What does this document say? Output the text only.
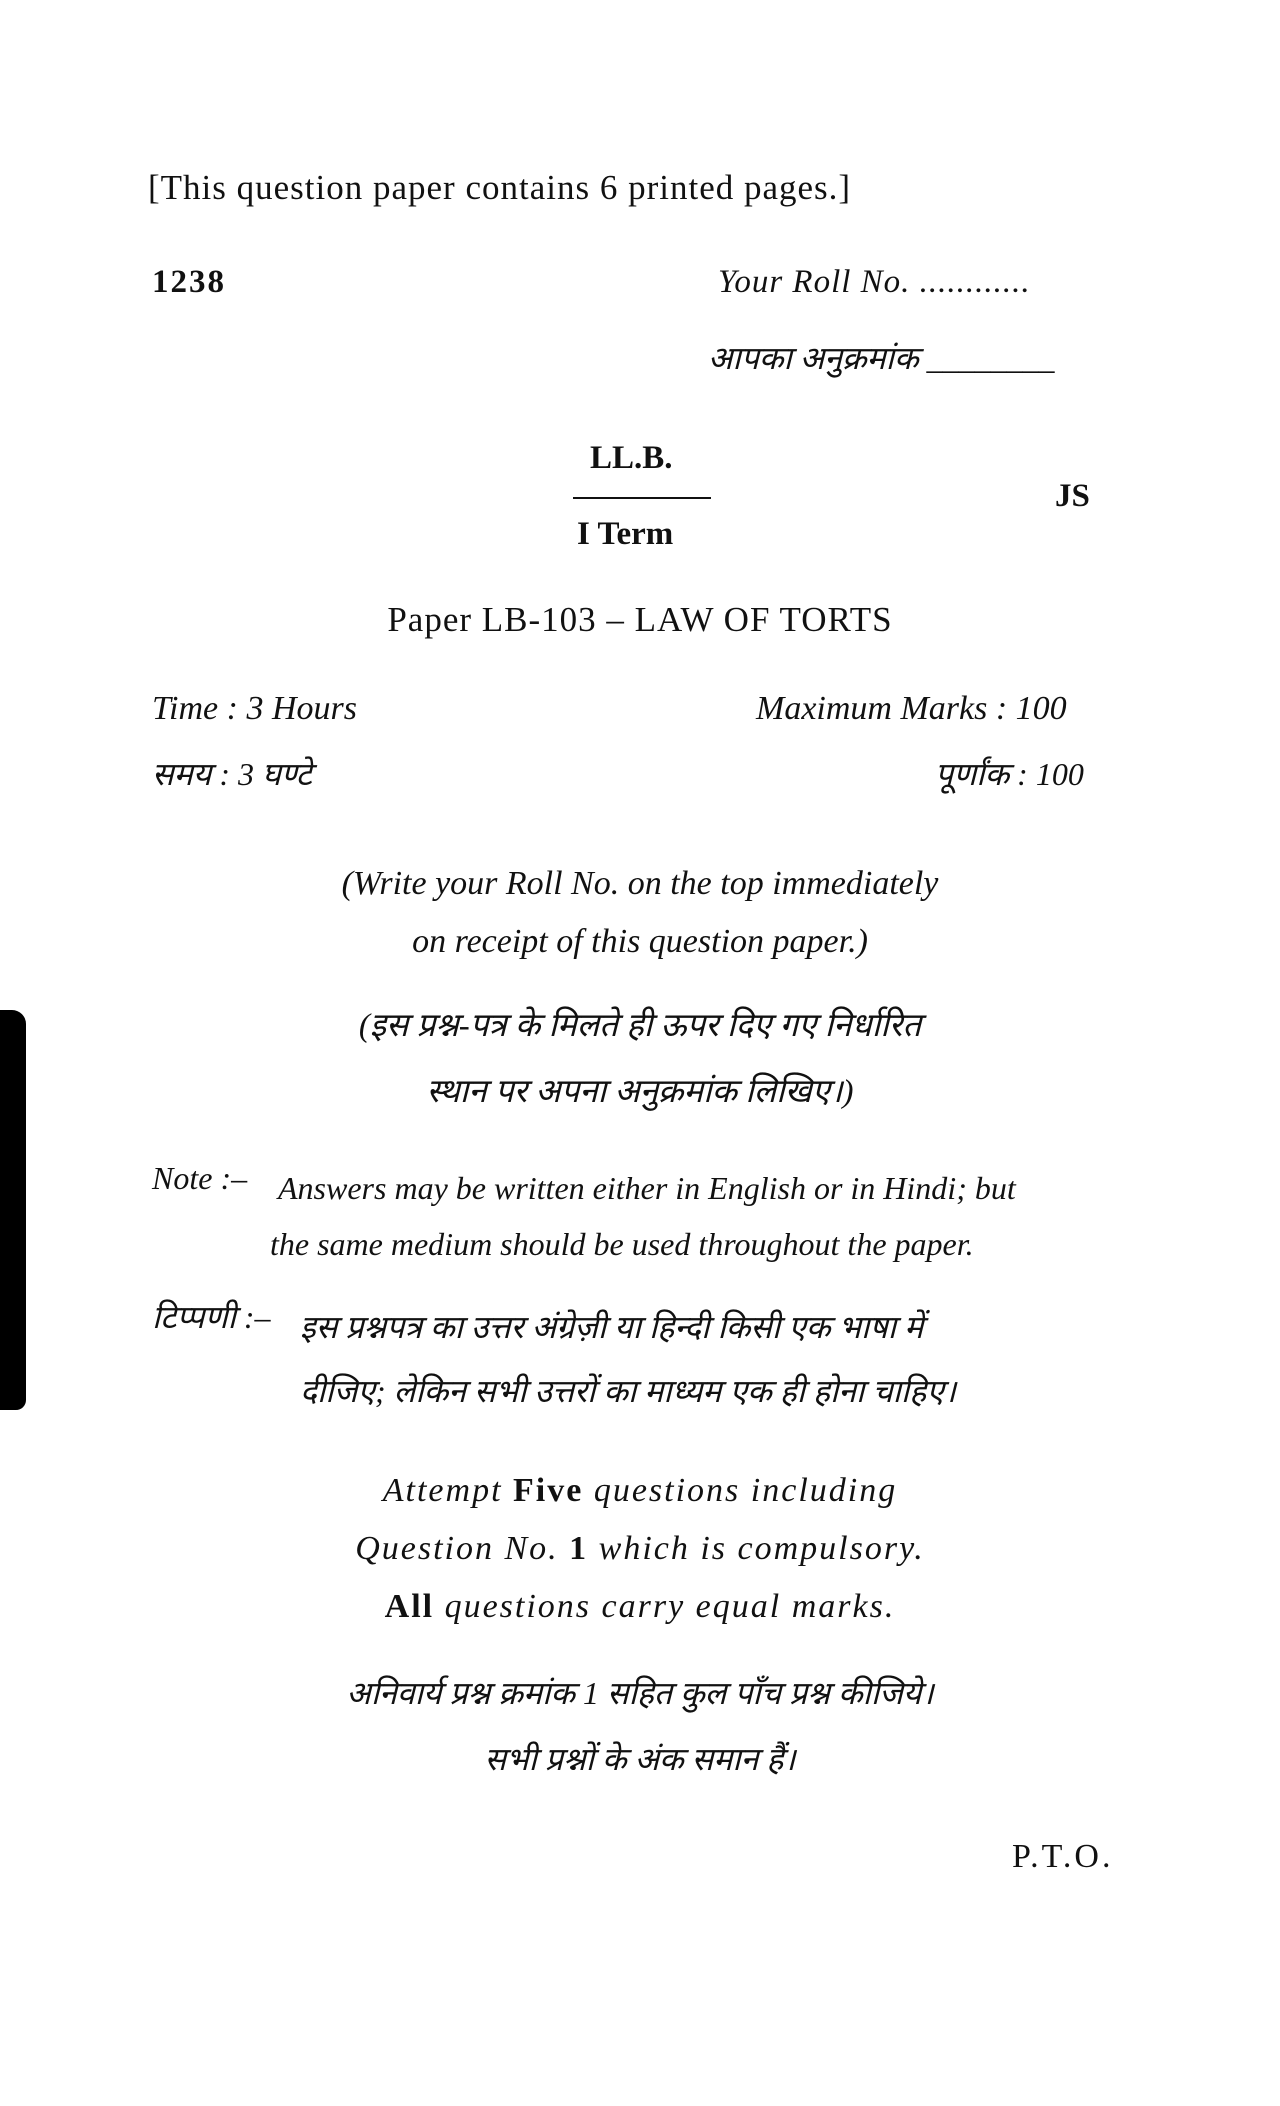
[This question paper contains 6 printed pages.]
1238	Your Roll No. ............
आपका अनुक्रमांक ________
LL.B.
I Term
JS
Paper LB-103 – LAW OF TORTS
Time : 3 Hours	Maximum Marks : 100
समय : 3 घण्टे	पूर्णांक : 100
(Write your Roll No. on the top immediately
on receipt of this question paper.)
(इस प्रश्न-पत्र के मिलते ही ऊपर दिए गए निर्धारित
स्थान पर अपना अनुक्रमांक लिखिए।)
Note :– Answers may be written either in English or in Hindi; but
the same medium should be used throughout the paper.
टिप्पणी :– इस प्रश्नपत्र का उत्तर अंग्रेज़ी या हिन्दी किसी एक भाषा में
दीजिए; लेकिन सभी उत्तरों का माध्यम एक ही होना चाहिए।
Attempt Five questions including
Question No. 1 which is compulsory.
All questions carry equal marks.
अनिवार्य प्रश्न क्रमांक 1 सहित कुल पाँच प्रश्न कीजिये।
सभी प्रश्नों के अंक समान हैं।
P.T.O.
